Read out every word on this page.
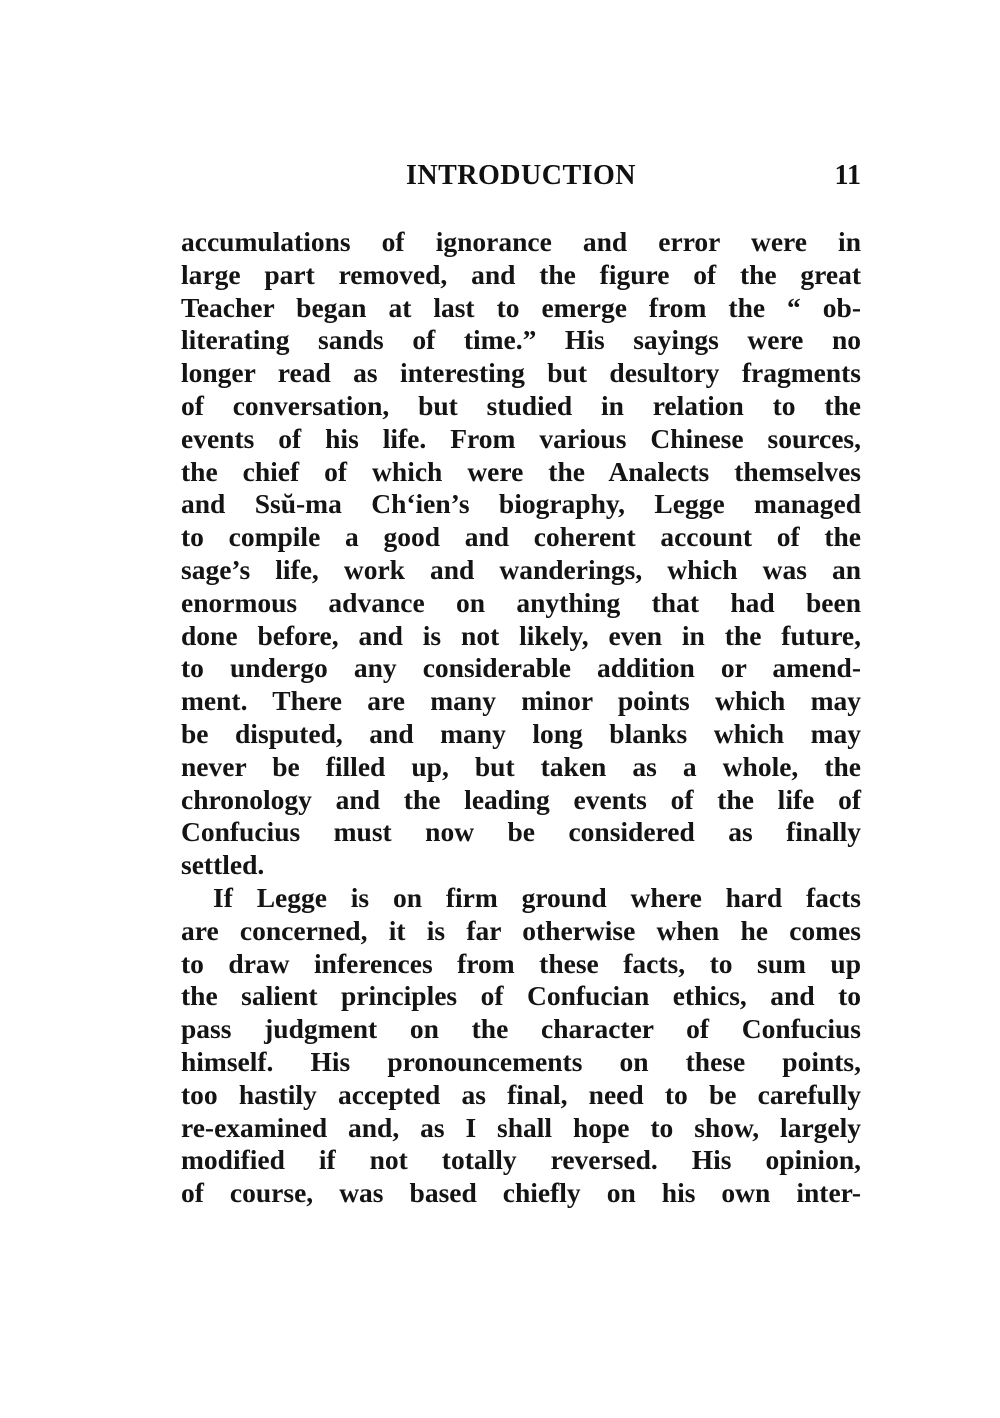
INTRODUCTION	11
accumulations of ignorance and error were in
large part removed, and the figure of the great
Teacher began at last to emerge from the “ ob-
literating sands of time.” His sayings were no
longer read as interesting but desultory fragments
of conversation, but studied in relation to the
events of his life. From various Chinese sources,
the chief of which were the Analects themselves
and Ssŭ-ma Ch‘ien’s biography, Legge managed
to compile a good and coherent account of the
sage’s life, work and wanderings, which was an
enormous advance on anything that had been
done before, and is not likely, even in the future,
to undergo any considerable addition or amend-
ment. There are many minor points which may
be disputed, and many long blanks which may
never be filled up, but taken as a whole, the
chronology and the leading events of the life of
Confucius must now be considered as finally
settled.
If Legge is on firm ground where hard facts
are concerned, it is far otherwise when he comes
to draw inferences from these facts, to sum up
the salient principles of Confucian ethics, and to
pass judgment on the character of Confucius
himself. His pronouncements on these points,
too hastily accepted as final, need to be carefully
re-examined and, as I shall hope to show, largely
modified if not totally reversed. His opinion,
of course, was based chiefly on his own inter-
